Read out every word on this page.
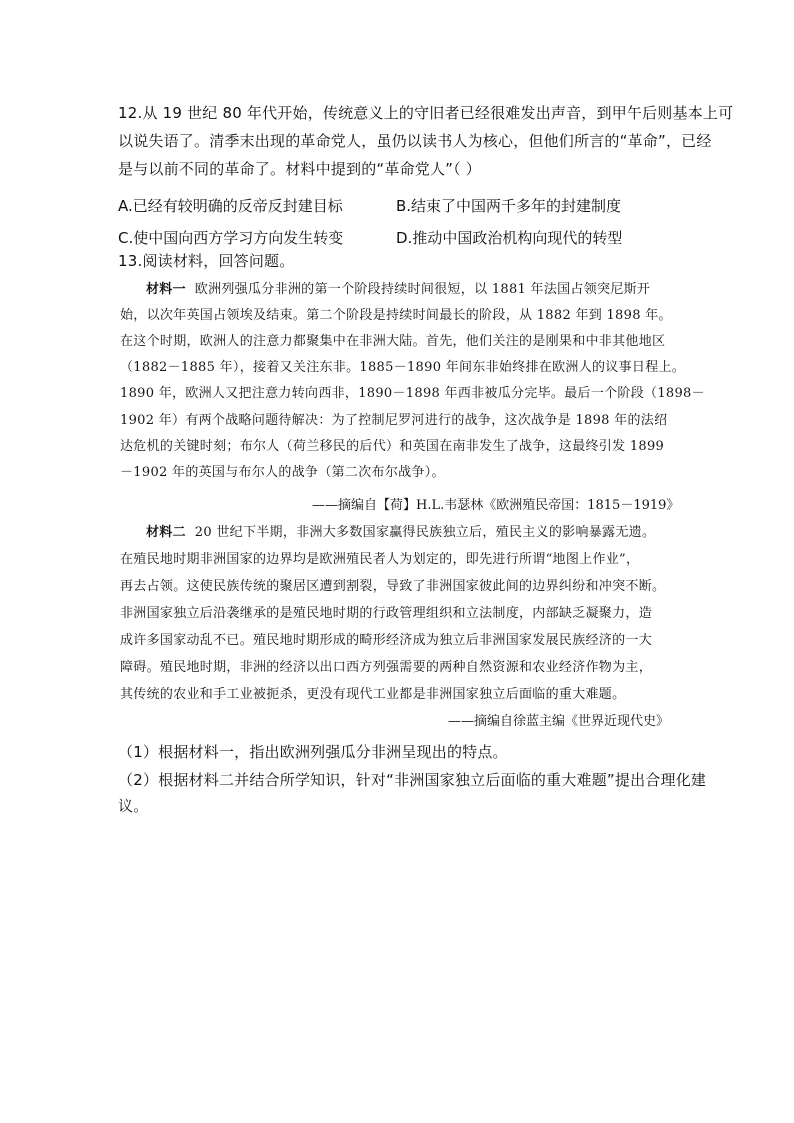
12.从 19 世纪 80 年代开始，传统意义上的守旧者已经很难发出声音，到甲午后则基本上可
以说失语了。清季末出现的革命党人，虽仍以读书人为核心，但他们所言的“革命”，已经
是与以前不同的革命了。材料中提到的“革命党人”（ ）
A.已经有较明确的反帝反封建目标	B.结束了中国两千多年的封建制度
C.使中国向西方学习方向发生转变	D.推动中国政治机构向现代的转型
13.阅读材料，回答问题。
材料一 欧洲列强瓜分非洲的第一个阶段持续时间很短，以 1881 年法国占领突尼斯开
始，以次年英国占领埃及结束。第二个阶段是持续时间最长的阶段，从 1882 年到 1898 年。
在这个时期，欧洲人的注意力都聚集中在非洲大陆。首先，他们关注的是刚果和中非其他地区
（1882－1885 年），接着又关注东非。1885－1890 年间东非始终排在欧洲人的议事日程上。
1890 年，欧洲人又把注意力转向西非，1890－1898 年西非被瓜分完毕。最后一个阶段（1898－
1902 年）有两个战略问题待解决：为了控制尼罗河进行的战争，这次战争是 1898 年的法绍
达危机的关键时刻；布尔人（荷兰移民的后代）和英国在南非发生了战争，这最终引发 1899
－1902 年的英国与布尔人的战争（第二次布尔战争）。
——摘编自【荷】H.L.韦瑟林《欧洲殖民帝国：1815－1919》
材料二 20 世纪下半期，非洲大多数国家赢得民族独立后，殖民主义的影响暴露无遗。
在殖民地时期非洲国家的边界均是欧洲殖民者人为划定的，即先进行所谓“地图上作业”，
再去占领。这使民族传统的聚居区遭到割裂，导致了非洲国家彼此间的边界纠纷和冲突不断。
非洲国家独立后沿袭继承的是殖民地时期的行政管理组织和立法制度，内部缺乏凝聚力，造
成许多国家动乱不已。殖民地时期形成的畸形经济成为独立后非洲国家发展民族经济的一大
障碍。殖民地时期，非洲的经济以出口西方列强需要的两种自然资源和农业经济作物为主，
其传统的农业和手工业被扼杀，更没有现代工业都是非洲国家独立后面临的重大难题。
——摘编自徐蓝主编《世界近现代史》
（1）根据材料一，指出欧洲列强瓜分非洲呈现出的特点。
（2）根据材料二并结合所学知识，针对“非洲国家独立后面临的重大难题”提出合理化建
议。
